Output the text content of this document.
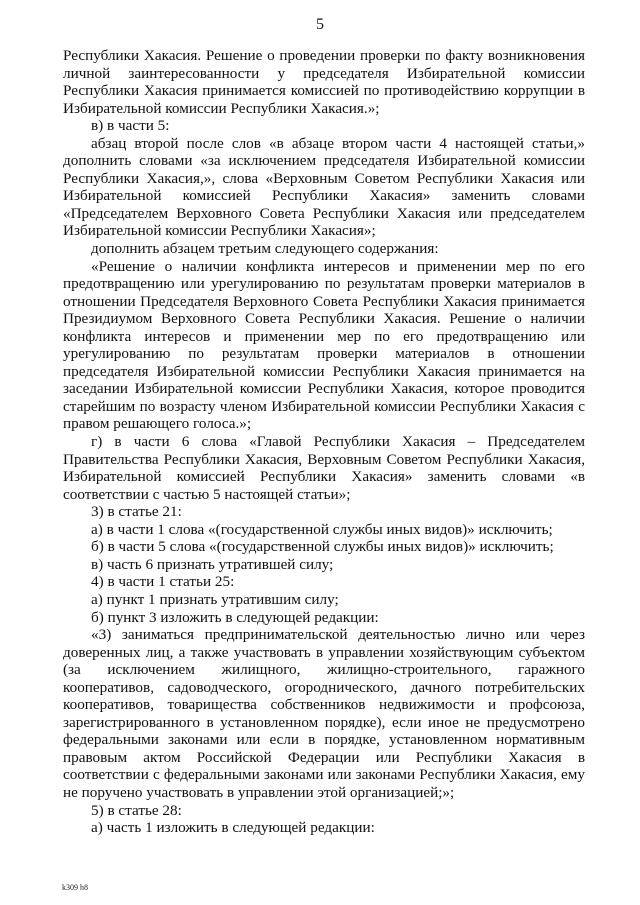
5

Республики Хакасия. Решение о проведении проверки по факту возникновения личной заинтересованности у председателя Избирательной комиссии Республики Хакасия принимается комиссией по противодействию коррупции в Избирательной комиссии Республики Хакасия.»;

в) в части 5:

абзац второй после слов «в абзаце втором части 4 настоящей статьи,» дополнить словами «за исключением председателя Избирательной комиссии Республики Хакасия,», слова «Верховным Советом Республики Хакасия или Избирательной комиссией Республики Хакасия» заменить словами «Председателем Верховного Совета Республики Хакасия или председателем Избирательной комиссии Республики Хакасия»;

дополнить абзацем третьим следующего содержания:

«Решение о наличии конфликта интересов и применении мер по его предотвращению или урегулированию по результатам проверки материалов в отношении Председателя Верховного Совета Республики Хакасия принимается Президиумом Верховного Совета Республики Хакасия. Решение о наличии конфликта интересов и применении мер по его предотвращению или урегулированию по результатам проверки материалов в отношении председателя Избирательной комиссии Республики Хакасия принимается на заседании Избирательной комиссии Республики Хакасия, которое проводится старейшим по возрасту членом Избирательной комиссии Республики Хакасия с правом решающего голоса.»;

г) в части 6 слова «Главой Республики Хакасия – Председателем Правительства Республики Хакасия, Верховным Советом Республики Хакасия, Избирательной комиссией Республики Хакасия» заменить словами «в соответствии с частью 5 настоящей статьи»;

3) в статье 21:

а) в части 1 слова «(государственной службы иных видов)» исключить;

б) в части 5 слова «(государственной службы иных видов)» исключить;

в) часть 6 признать утратившей силу;

4) в части 1 статьи 25:

а) пункт 1 признать утратившим силу;

б) пункт 3 изложить в следующей редакции:

«3) заниматься предпринимательской деятельностью лично или через доверенных лиц, а также участвовать в управлении хозяйствующим субъектом (за исключением жилищного, жилищно-строительного, гаражного кооперативов, садоводческого, огороднического, дачного потребительских кооперативов, товарищества собственников недвижимости и профсоюза, зарегистрированного в установленном порядке), если иное не предусмотрено федеральными законами или если в порядке, установленном нормативным правовым актом Российской Федерации или Республики Хакасия в соответствии с федеральными законами или законами Республики Хакасия, ему не поручено участвовать в управлении этой организацией;»;

5) в статье 28:

а) часть 1 изложить в следующей редакции:

k309 h8
